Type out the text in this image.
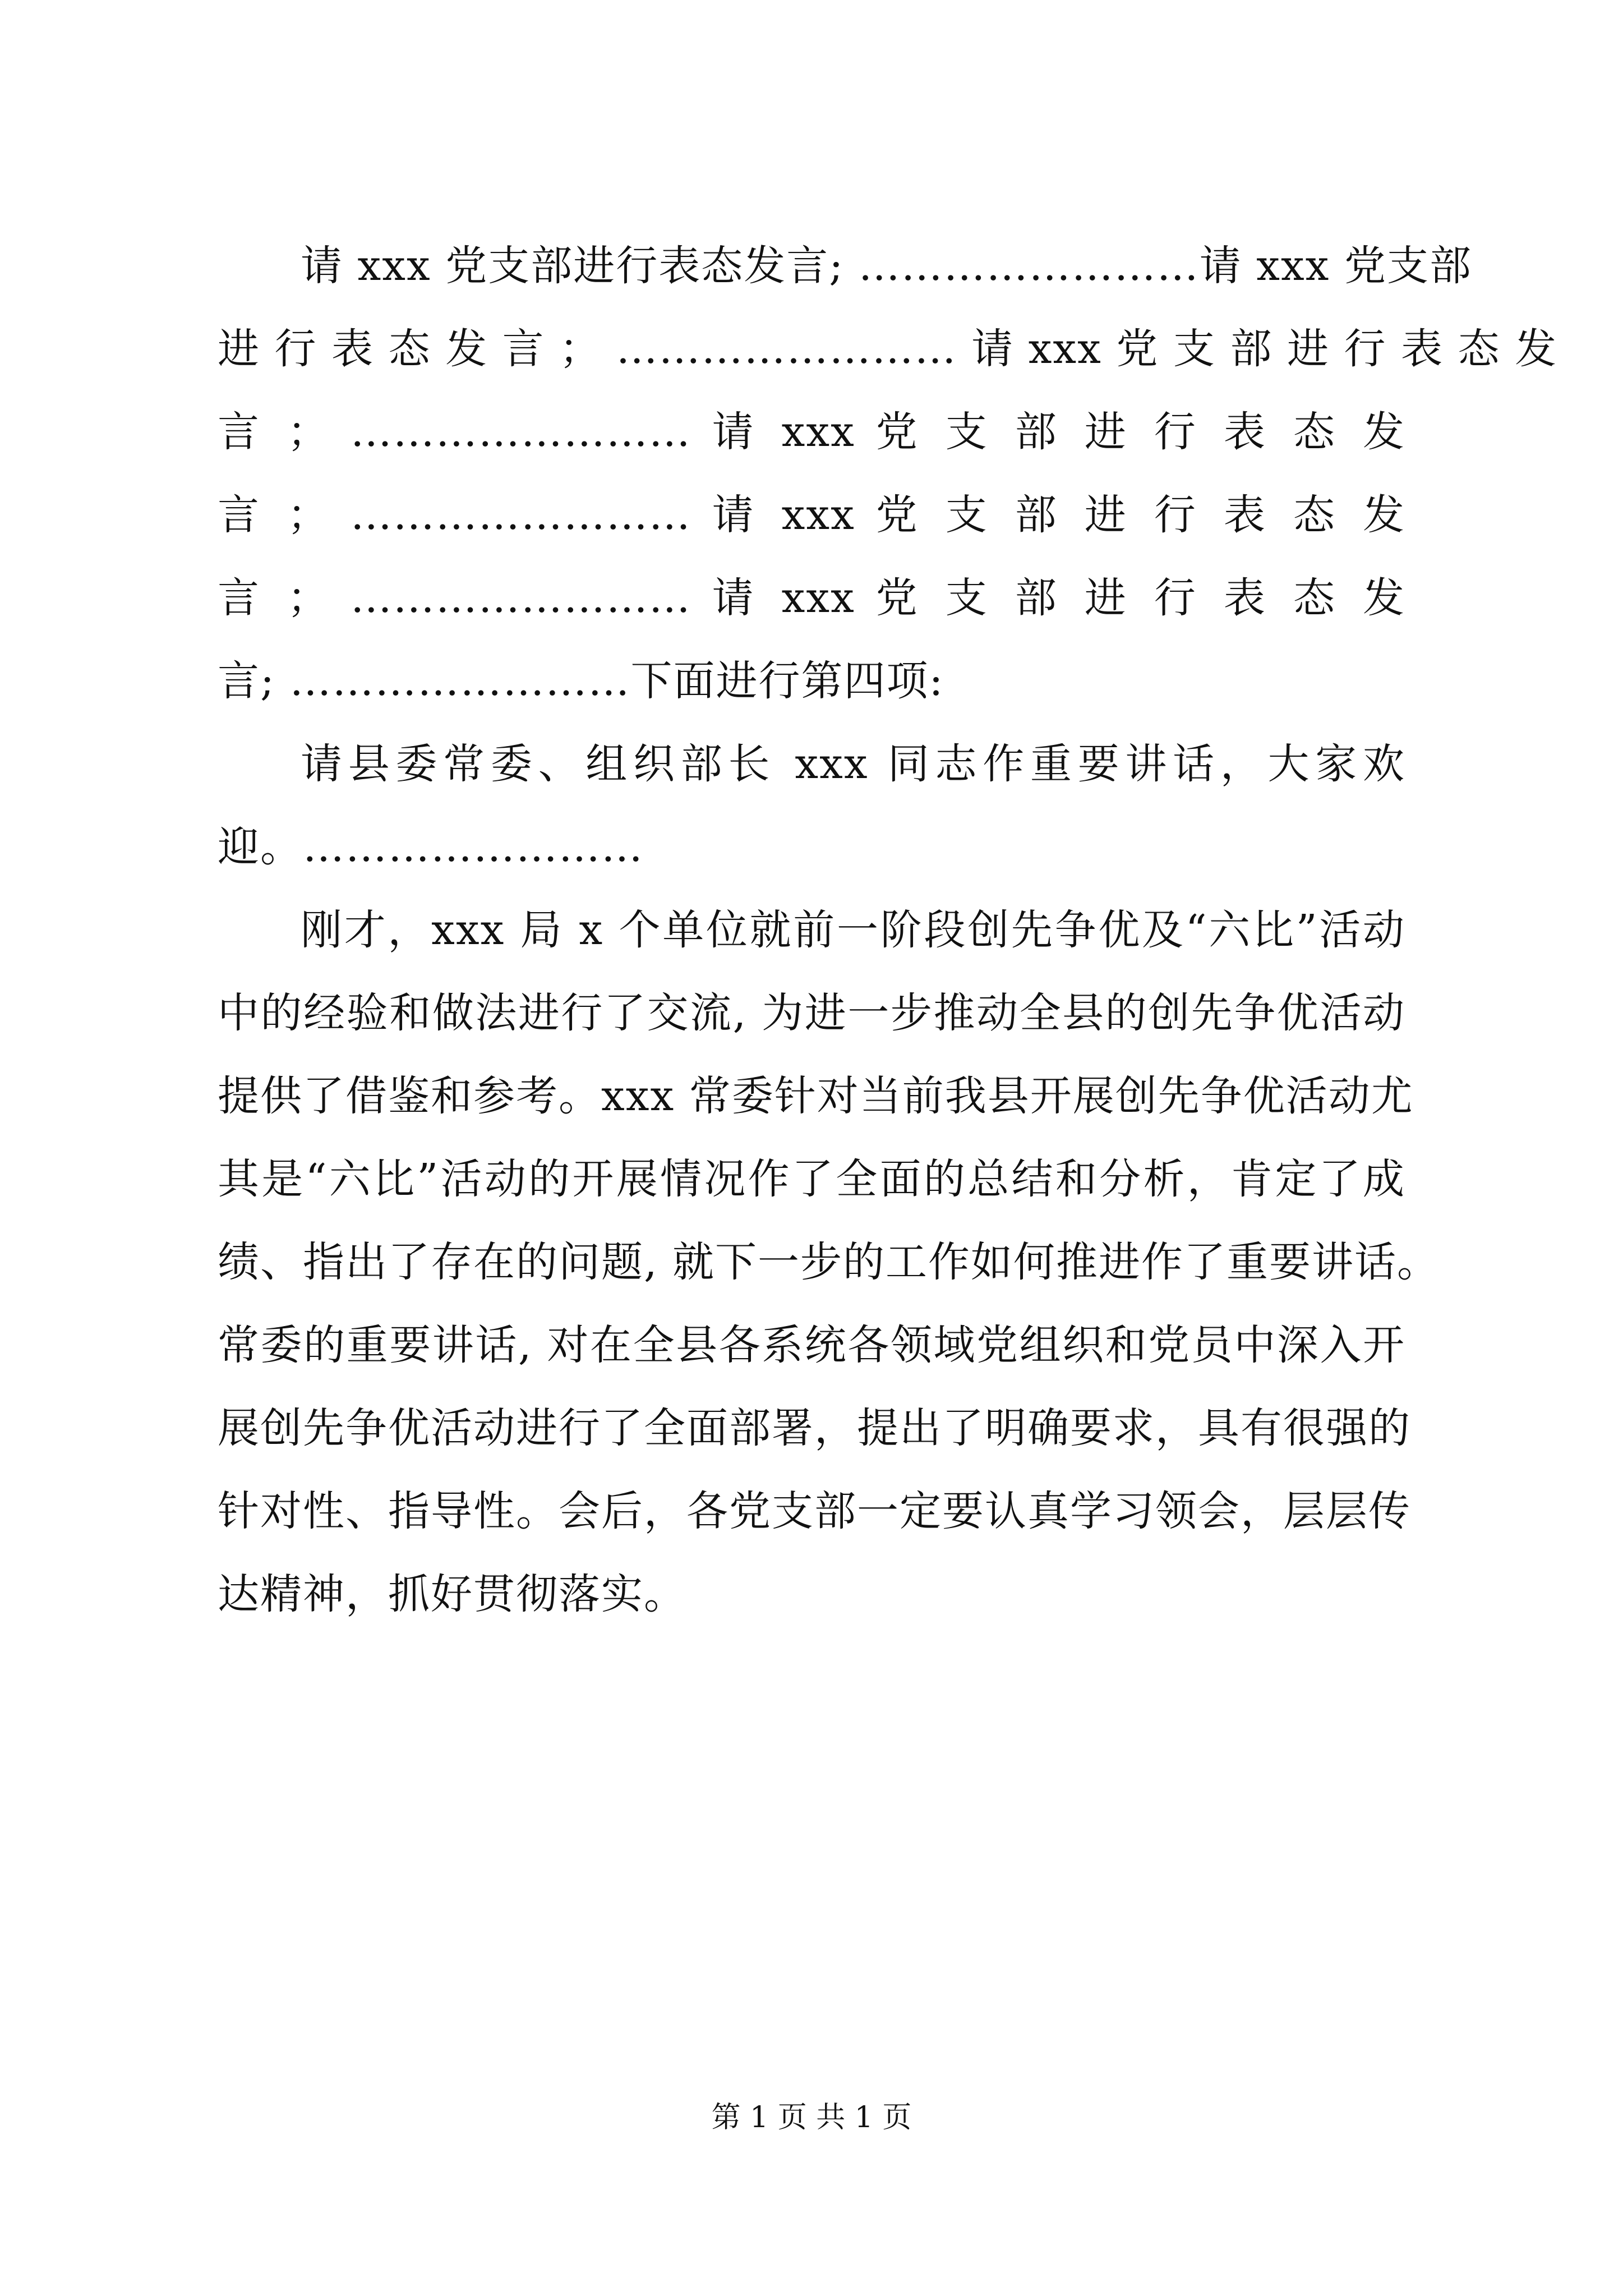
请 xxx 党支部进行表态发言; ……………………请 xxx 党支部
进 行 表 态 发 言 ； …………………… 请 xxx 党 支 部 进 行 表 态 发
言 ； …………………… 请 xxx 党 支 部 进 行 表 态 发
言 ； …………………… 请 xxx 党 支 部 进 行 表 态 发
言 ； …………………… 请 xxx 党 支 部 进 行 表 态 发
言; ……………………下面进行第四项:
请县委常委、组织部长 xxx 同志作重要讲话，大家欢
迎。……………………
刚才，xxx 局 x 个单位就前一阶段创先争优及“六比”活动
中的经验和做法进行了交流, 为进一步推动全县的创先争优活动
提供了借鉴和参考。xxx 常委针对当前我县开展创先争优活动尤
其是“六比”活动的开展情况作了全面的总结和分析，肯定了成
绩、指出了存在的问题, 就下一步的工作如何推进作了重要讲话。
常委的重要讲话, 对在全县各系统各领域党组织和党员中深入开
展创先争优活动进行了全面部署，提出了明确要求，具有很强的
针对性、指导性。会后，各党支部一定要认真学习领会，层层传
达精神，抓好贯彻落实。
第 1 页 共 1 页
